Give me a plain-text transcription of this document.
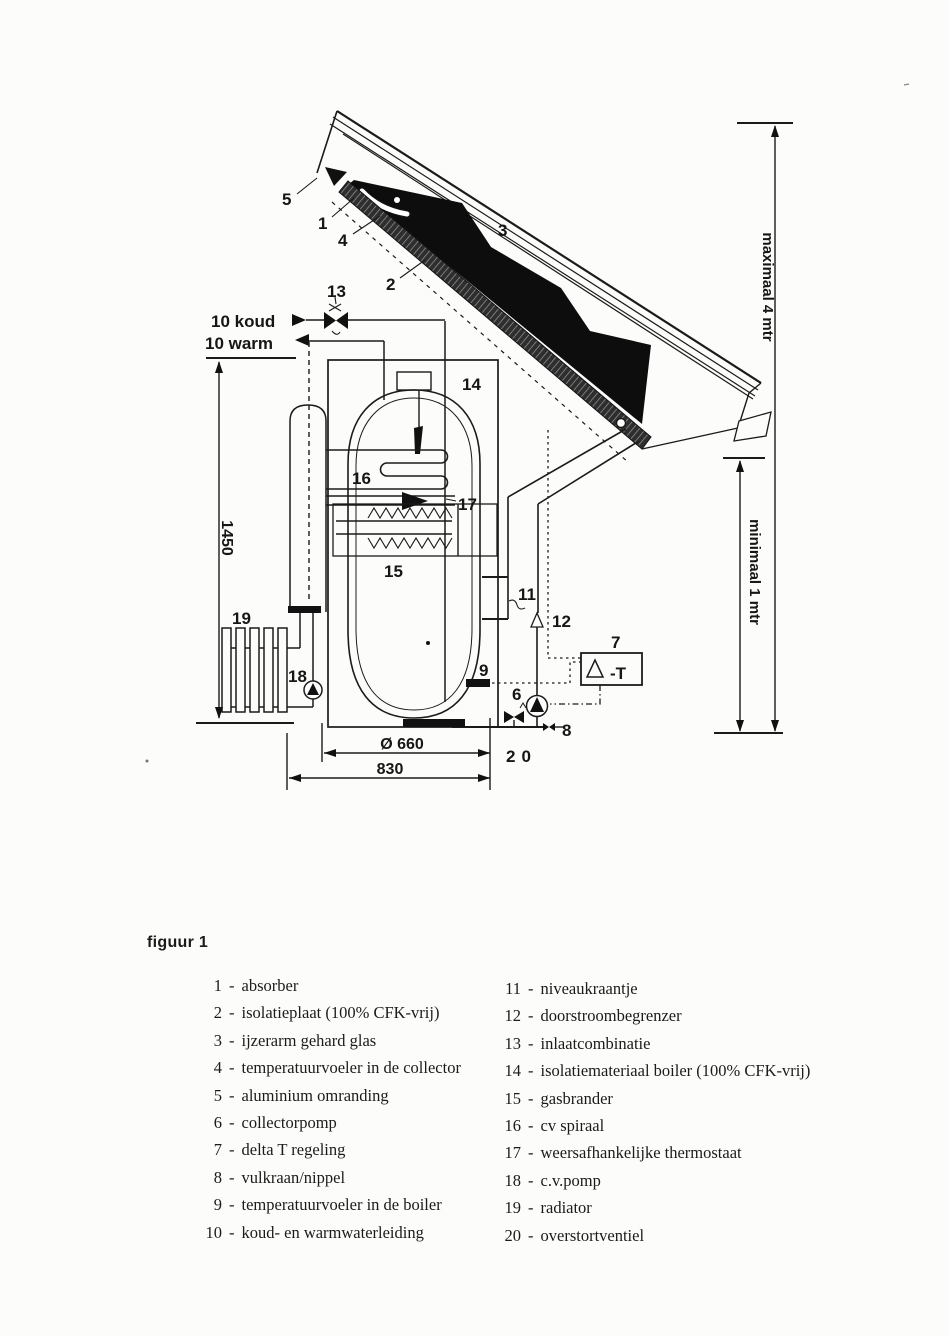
5
1
4
2
3
13
14
16
17
15
19
18	9
11
12
6
7
8
20
10 koud
10 warm
-T
Ø 660
830
1450
maximaal 4 mtr
minimaal 1 mtr
figuur 1
1 - absorber
2 - isolatieplaat (100% CFK-vrij)
3 - ijzerarm gehard glas
4 - temperatuurvoeler in de collector
5 - aluminium omranding
6 - collectorpomp
7 - delta T regeling
8 - vulkraan/nippel
9 - temperatuurvoeler in de boiler
10 - koud- en warmwaterleiding
11 - niveaukraantje
12 - doorstroombegrenzer
13 - inlaatcombinatie
14 - isolatiemateriaal boiler (100% CFK-vrij)
15 - gasbrander
16 - cv spiraal
17 - weersafhankelijke thermostaat
18 - c.v.pomp
19 - radiator
20 - overstortventiel
